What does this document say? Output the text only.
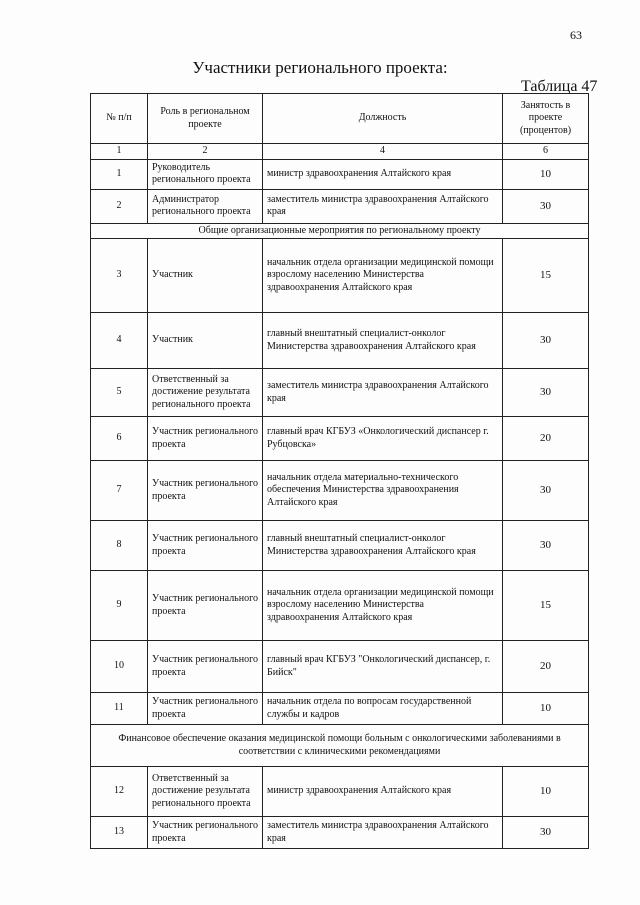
63
Участники регионального проекта:
Таблица 47
№ п/п	Роль в региональном проекте	Должность	Занятость в проекте (процентов)
1	2	4	6
1	Руководитель регионального проекта	министр здравоохранения Алтайского края	10
2	Администратор регионального проекта	заместитель министра здравоохранения Алтайского края	30
Общие организационные мероприятия по региональному проекту			
3	Участник	начальник отдела организации медицинской помощи взрослому населению Министерства здравоохранения Алтайского края	15
4	Участник	главный внештатный специалист-онколог Министерства здравоохранения Алтайского края	30
5	Ответственный за достижение результата регионального проекта	заместитель министра здравоохранения Алтайского края	30
6	Участник регионального проекта	главный врач КГБУЗ «Онкологический диспансер г. Рубцовска»	20
7	Участник регионального проекта	начальник отдела материально-технического обеспечения Министерства здравоохранения Алтайского края	30
8	Участник регионального проекта	главный внештатный специалист-онколог Министерства здравоохранения Алтайского края	30
9	Участник регионального проекта	начальник отдела организации медицинской помощи взрослому населению Министерства здравоохранения Алтайского края	15
10	Участник регионального проекта	главный врач КГБУЗ "Онкологический диспансер, г. Бийск"	20
11	Участник регионального проекта	начальник отдела по вопросам государственной службы и кадров	10
Финансовое обеспечение оказания медицинской помощи больным с онкологическими заболеваниями в соответствии с клиническими рекомендациями			
12	Ответственный за достижение результата регионального проекта	министр здравоохранения Алтайского края	10
13	Участник регионального проекта	заместитель министра здравоохранения Алтайского края	30
